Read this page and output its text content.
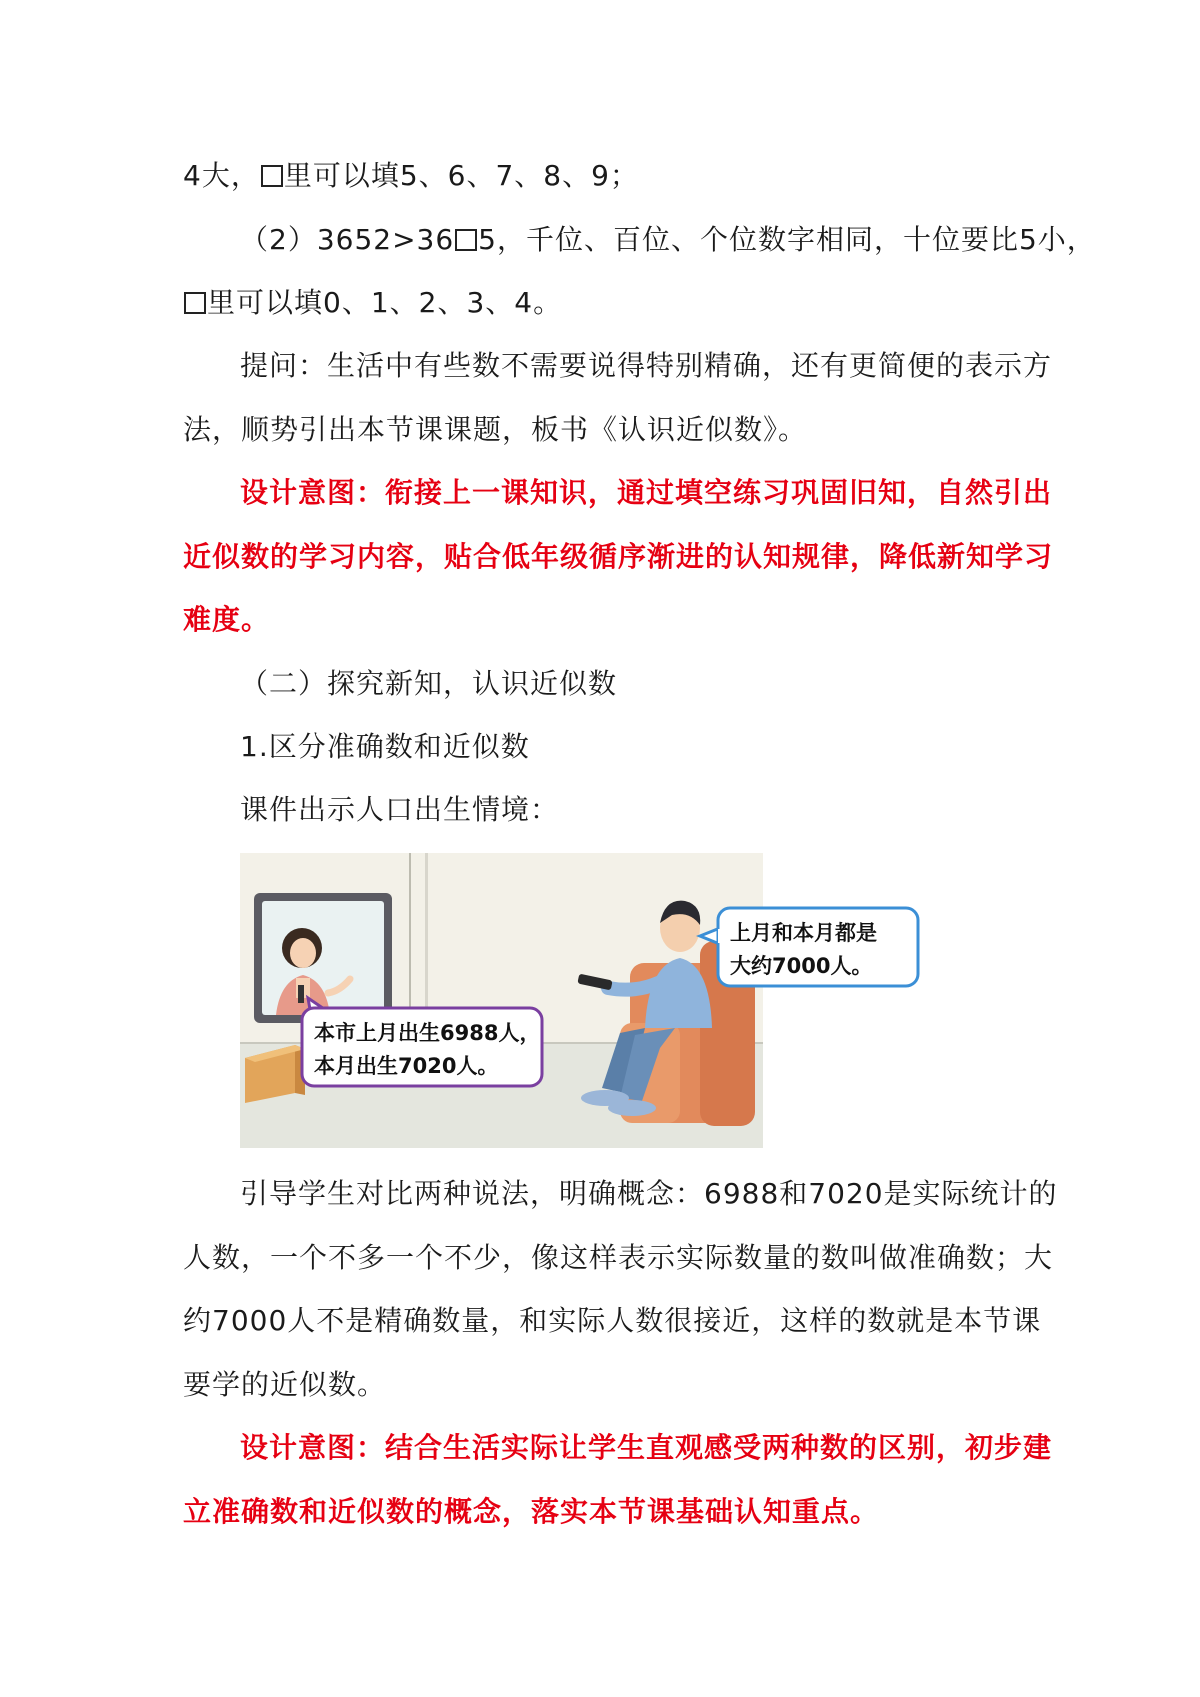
4大， 里可以填5、6、7、8、9；
（2）3652>36 5，千位、百位、个位数字相同，十位要比5小，
里可以填0、1、2、3、4。
提问：生活中有些数不需要说得特别精确，还有更简便的表示方
法，顺势引出本节课课题，板书《认识近似数》。
设计意图：衔接上一课知识，通过填空练习巩固旧知，自然引出
近似数的学习内容，贴合低年级循序渐进的认知规律，降低新知学习
难度。
（二）探究新知，认识近似数
1.区分准确数和近似数
课件出示人口出生情境：
本市上月出生6988人，
本月出生7020人。
上月和本月都是
大约7000人。
引导学生对比两种说法，明确概念：6988和7020是实际统计的
人数，一个不多一个不少，像这样表示实际数量的数叫做准确数；大
约7000人不是精确数量，和实际人数很接近，这样的数就是本节课
要学的近似数。
设计意图：结合生活实际让学生直观感受两种数的区别，初步建
立准确数和近似数的概念，落实本节课基础认知重点。
